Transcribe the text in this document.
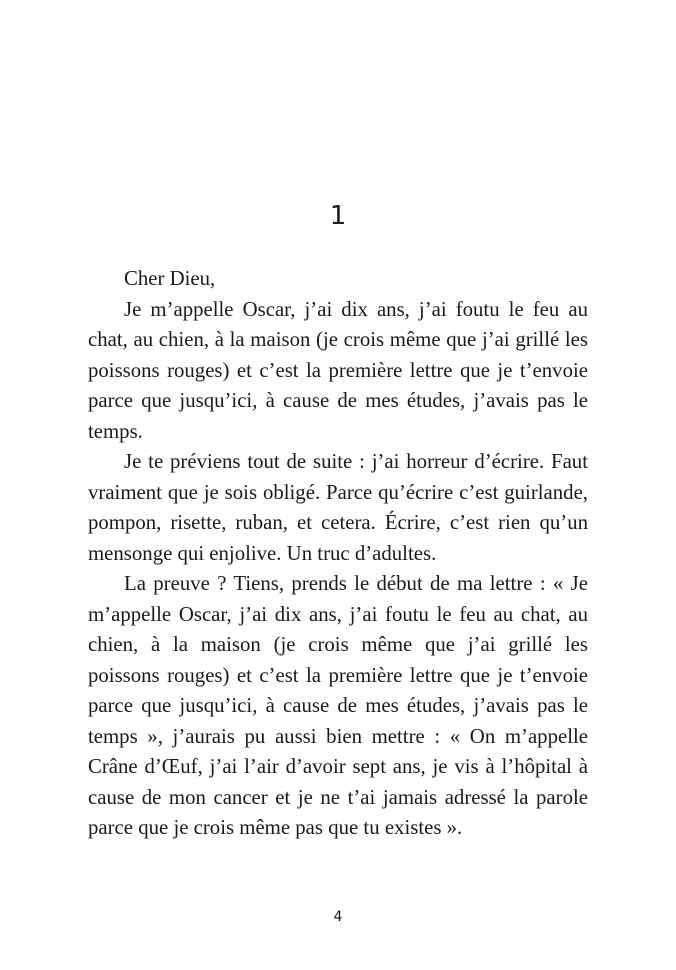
1

Cher Dieu,

Je m’appelle Oscar, j’ai dix ans, j’ai foutu le feu au chat, au chien, à la maison (je crois même que j’ai grillé les poissons rouges) et c’est la première lettre que je t’envoie parce que jusqu’ici, à cause de mes études, j’avais pas le temps.

Je te préviens tout de suite : j’ai horreur d’écrire. Faut vraiment que je sois obligé. Parce qu’écrire c’est guirlande, pompon, risette, ruban, et cetera. Écrire, c’est rien qu’un mensonge qui enjolive. Un truc d’adultes.

La preuve ? Tiens, prends le début de ma lettre : « Je m’appelle Oscar, j’ai dix ans, j’ai foutu le feu au chat, au chien, à la maison (je crois même que j’ai grillé les poissons rouges) et c’est la première lettre que je t’envoie parce que jusqu’ici, à cause de mes études, j’avais pas le temps », j’aurais pu aussi bien mettre : « On m’appelle Crâne d’Œuf, j’ai l’air d’avoir sept ans, je vis à l’hôpital à cause de mon cancer et je ne t’ai jamais adressé la parole parce que je crois même pas que tu existes ».

4
